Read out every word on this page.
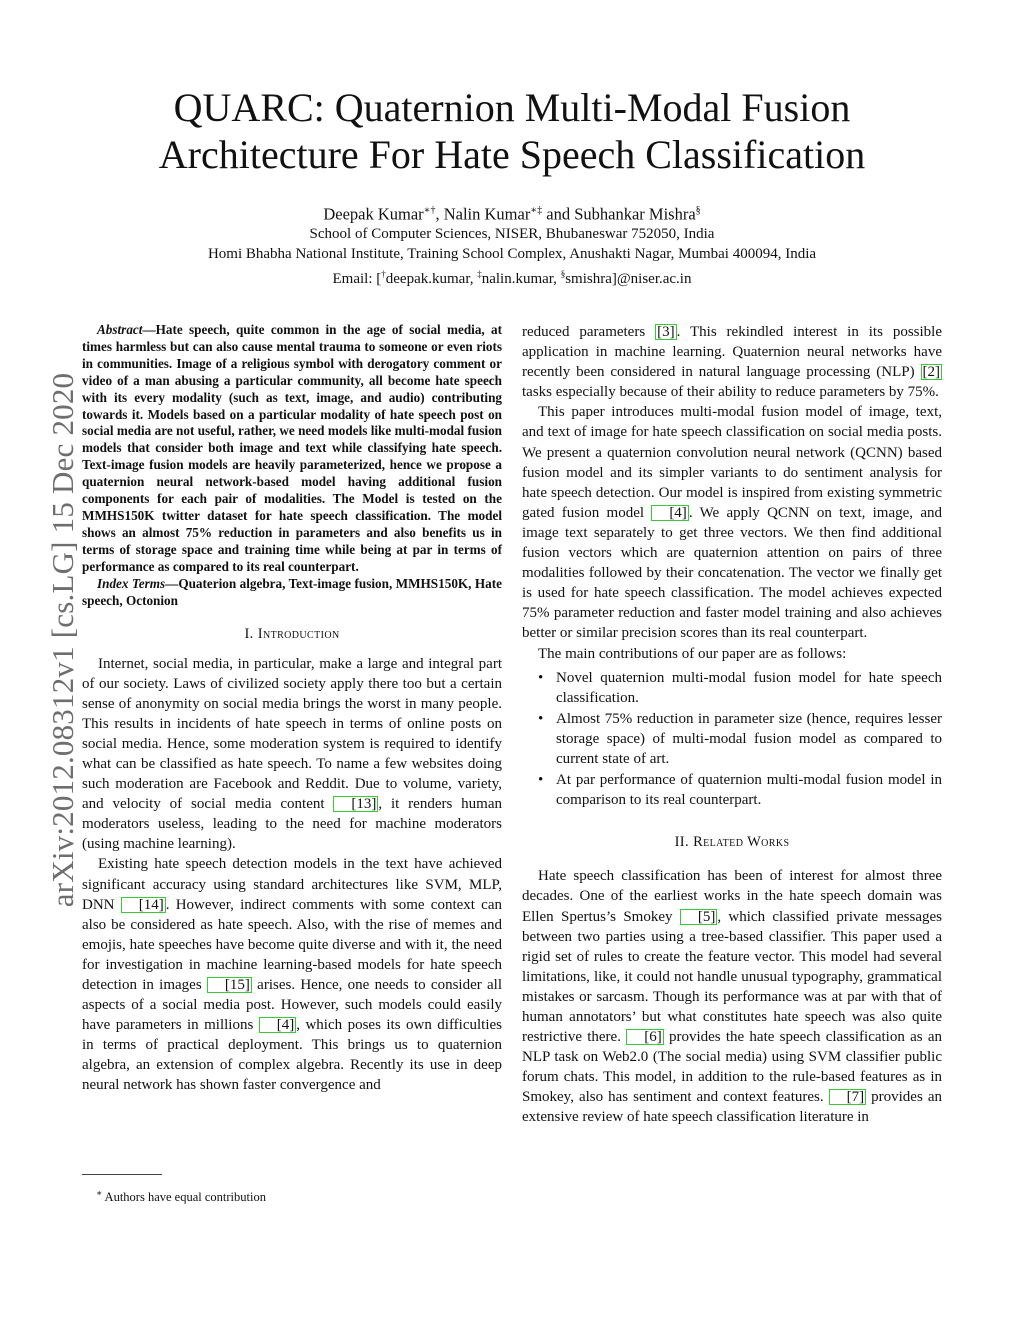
arXiv:2012.08312v1 [cs.LG] 15 Dec 2020
QUARC: Quaternion Multi-Modal Fusion
Architecture For Hate Speech Classification
Deepak Kumar∗†, Nalin Kumar∗‡ and Subhankar Mishra§
School of Computer Sciences, NISER, Bhubaneswar 752050, India
Homi Bhabha National Institute, Training School Complex, Anushakti Nagar, Mumbai 400094, India
Email: [†deepak.kumar, ‡nalin.kumar, §smishra]@niser.ac.in

Abstract—Hate speech, quite common in the age of social media, at times harmless but can also cause mental trauma to someone or even riots in communities. Image of a religious symbol with derogatory comment or video of a man abusing a particular community, all become hate speech with its every modality (such as text, image, and audio) contributing towards it. Models based on a particular modality of hate speech post on social media are not useful, rather, we need models like multi-modal fusion models that consider both image and text while classifying hate speech. Text-image fusion models are heavily parameterized, hence we propose a quaternion neural network-based model having additional fusion components for each pair of modalities. The Model is tested on the MMHS150K twitter dataset for hate speech classification. The model shows an almost 75% reduction in parameters and also benefits us in terms of storage space and training time while being at par in terms of performance as compared to its real counterpart.

Index Terms—Quaterion algebra, Text-image fusion, MMHS150K, Hate speech, Octonion

I. Introduction

Internet, social media, in particular, make a large and integral part of our society. Laws of civilized society apply there too but a certain sense of anonymity on social media brings the worst in many people. This results in incidents of hate speech in terms of online posts on social media. Hence, some moderation system is required to identify what can be classified as hate speech. To name a few websites doing such moderation are Facebook and Reddit. Due to volume, variety, and velocity of social media content [13] , it renders human moderators useless, leading to the need for machine moderators (using machine learning).

Existing hate speech detection models in the text have achieved significant accuracy using standard architectures like SVM, MLP, DNN [14] . However, indirect comments with some context can also be considered as hate speech. Also, with the rise of memes and emojis, hate speeches have become quite diverse and with it, the need for investigation in machine learning-based models for hate speech detection in images [15] arises. Hence, one needs to consider all aspects of a social media post. However, such models could easily have parameters in millions [4] , which poses its own difficulties in terms of practical deployment. This brings us to quaternion algebra, an extension of complex algebra. Recently its use in deep neural network has shown faster convergence and

∗ Authors have equal contribution

reduced parameters [3] . This rekindled interest in its possible application in machine learning. Quaternion neural networks have recently been considered in natural language processing (NLP) [2] tasks especially because of their ability to reduce parameters by 75%.

This paper introduces multi-modal fusion model of image, text, and text of image for hate speech classification on social media posts. We present a quaternion convolution neural network (QCNN) based fusion model and its simpler variants to do sentiment analysis for hate speech detection. Our model is inspired from existing symmetric gated fusion model [4] . We apply QCNN on text, image, and image text separately to get three vectors. We then find additional fusion vectors which are quaternion attention on pairs of three modalities followed by their concatenation. The vector we finally get is used for hate speech classification. The model achieves expected 75% parameter reduction and faster model training and also achieves better or similar precision scores than its real counterpart.

The main contributions of our paper are as follows:

• Novel quaternion multi-modal fusion model for hate speech classification.
• Almost 75% reduction in parameter size (hence, requires lesser storage space) of multi-modal fusion model as compared to current state of art.
• At par performance of quaternion multi-modal fusion model in comparison to its real counterpart.
II. Related Works

Hate speech classification has been of interest for almost three decades. One of the earliest works in the hate speech domain was Ellen Spertus’s Smokey [5] , which classified private messages between two parties using a tree-based classifier. This paper used a rigid set of rules to create the feature vector. This model had several limitations, like, it could not handle unusual typography, grammatical mistakes or sarcasm. Though its performance was at par with that of human annotators’ but what constitutes hate speech was also quite restrictive there. [6] provides the hate speech classification as an NLP task on Web2.0 (The social media) using SVM classifier public forum chats. This model, in addition to the rule-based features as in Smokey, also has sentiment and context features. [7] provides an extensive review of hate speech classification literature in
